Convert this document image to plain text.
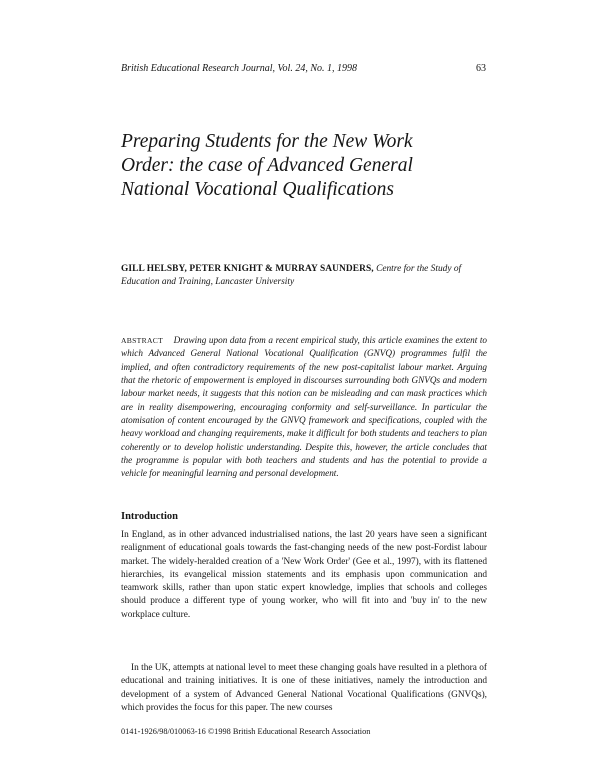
British Educational Research Journal, Vol. 24, No. 1, 1998	63
Preparing Students for the New Work
Order: the case of Advanced General
National Vocational Qualifications

GILL HELSBY, PETER KNIGHT & MURRAY SAUNDERS, Centre for the Study of Education and Training, Lancaster University

ABSTRACT Drawing upon data from a recent empirical study, this article examines the extent to which Advanced General National Vocational Qualification (GNVQ) programmes fulfil the implied, and often contradictory requirements of the new post-capitalist labour market. Arguing that the rhetoric of empowerment is employed in discourses surrounding both GNVQs and modern labour market needs, it suggests that this notion can be misleading and can mask practices which are in reality disempowering, encouraging conformity and self-surveillance. In particular the atomisation of content encouraged by the GNVQ framework and specifications, coupled with the heavy workload and changing requirements, make it difficult for both students and teachers to plan coherently or to develop holistic understanding. Despite this, however, the article concludes that the programme is popular with both teachers and students and has the potential to provide a vehicle for meaningful learning and personal development.

Introduction

In England, as in other advanced industrialised nations, the last 20 years have seen a significant realignment of educational goals towards the fast-changing needs of the new post-Fordist labour market. The widely-heralded creation of a 'New Work Order' (Gee et al., 1997), with its flattened hierarchies, its evangelical mission statements and its emphasis upon communication and teamwork skills, rather than upon static expert knowledge, implies that schools and colleges should produce a different type of young worker, who will fit into and 'buy in' to the new workplace culture.

In the UK, attempts at national level to meet these changing goals have resulted in a plethora of educational and training initiatives. It is one of these initiatives, namely the introduction and development of a system of Advanced General National Vocational Qualifications (GNVQs), which provides the focus for this paper. The new courses

0141-1926/98/010063-16 ©1998 British Educational Research Association
